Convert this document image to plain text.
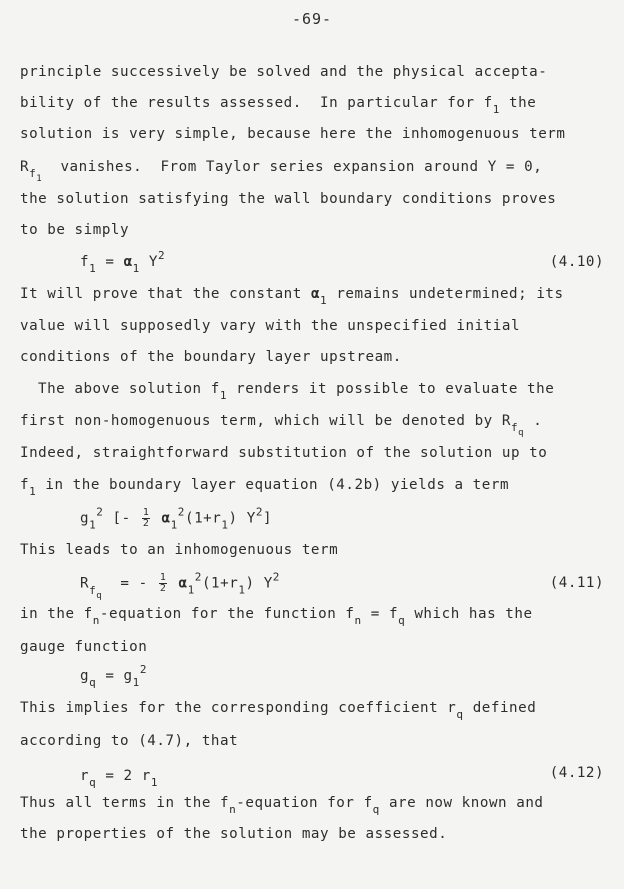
-69-
principle successively be solved and the physical accepta-
bility of the results assessed.  In particular for $f_1$ the
solution is very simple, because here the inhomogenuous term
$R_{f_1}$  vanishes.  From Taylor series expansion around Y = 0,
the solution satisfying the wall boundary conditions proves
to be simply
$f_1 = \alpha_1$ $Y^2$	(4.10)
It will prove that the constant $\alpha_1$ remains undetermined; its
value will supposedly vary with the unspecified initial
conditions of the boundary layer upstream.
The above solution $f_1$ renders it possible to evaluate the
first non-homogenuous term, which will be denoted by $R_{f_q}$ .
Indeed, straightforward substitution of the solution up to
$f_1$ in the boundary layer equation (4.2b) yields a term
$g_1^2$ [- $\frac{1}{2} \alpha_1^2(1+r_1)$ $Y^2$]
This leads to an inhomogenuous term
$R_{f_q}$  = - $\frac{1}{2} \alpha_1^2(1+r_1)$ $Y^2$	(4.11)
in the $f_n$-equation for the function $f_n = f_q$ which has the
gauge function
$g_q = g_1^2$
This implies for the corresponding coefficient $r_q$ defined
according to (4.7), that
$r_q = 2$ $r_1$
(4.12)
Thus all terms in the $f_n$-equation for $f_q$ are now known and
the properties of the solution may be assessed.
